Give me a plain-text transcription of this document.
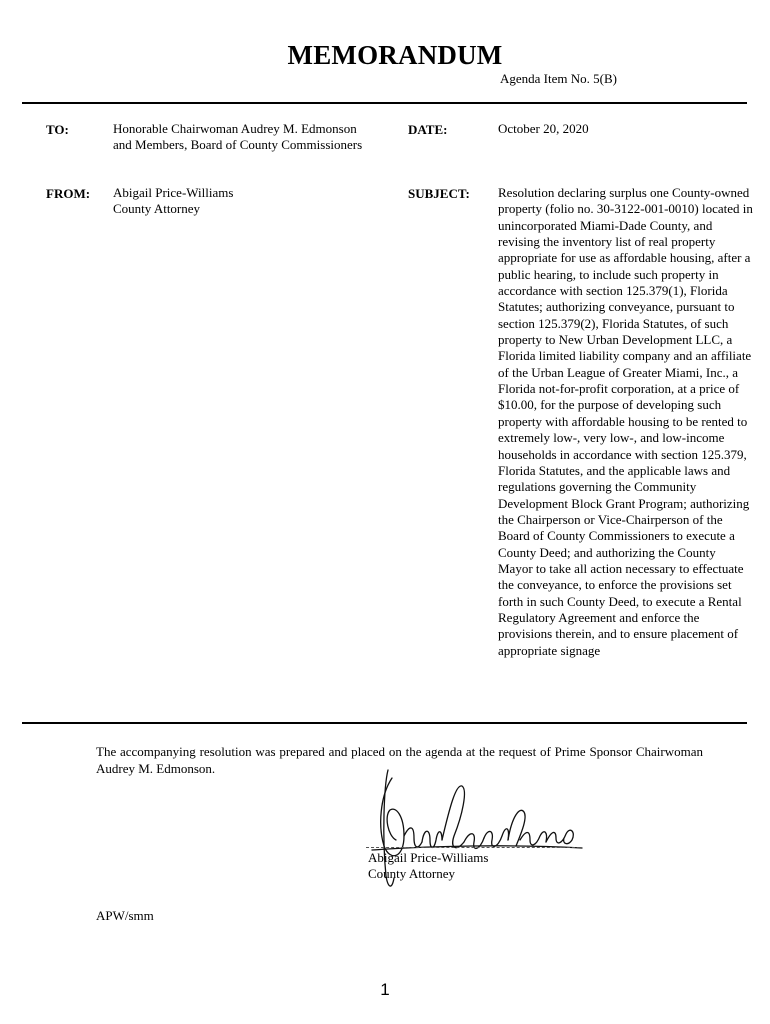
MEMORANDUM
Agenda Item No. 5(B)
TO:	Honorable Chairwoman Audrey M. Edmonson
and Members, Board of County Commissioners
DATE:	October 20, 2020
FROM: Abigail Price-Williams
County Attorney
SUBJECT: Resolution declaring surplus one County-owned property (folio no. 30-3122-001-0010) located in unincorporated Miami-Dade County, and revising the inventory list of real property appropriate for use as affordable housing, after a public hearing, to include such property in accordance with section 125.379(1), Florida Statutes; authorizing conveyance, pursuant to section 125.379(2), Florida Statutes, of such property to New Urban Development LLC, a Florida limited liability company and an affiliate of the Urban League of Greater Miami, Inc., a Florida not-for-profit corporation, at a price of $10.00, for the purpose of developing such property with affordable housing to be rented to extremely low-, very low-, and low-income households in accordance with section 125.379, Florida Statutes, and the applicable laws and regulations governing the Community Development Block Grant Program; authorizing the Chairperson or Vice-Chairperson of the Board of County Commissioners to execute a County Deed; and authorizing the County Mayor to take all action necessary to effectuate the conveyance, to enforce the provisions set forth in such County Deed, to execute a Rental Regulatory Agreement and enforce the provisions therein, and to ensure placement of appropriate signage
The accompanying resolution was prepared and placed on the agenda at the request of Prime Sponsor Chairwoman Audrey M. Edmonson.
Abigail Price-Williams
County Attorney
APW/smm
1
